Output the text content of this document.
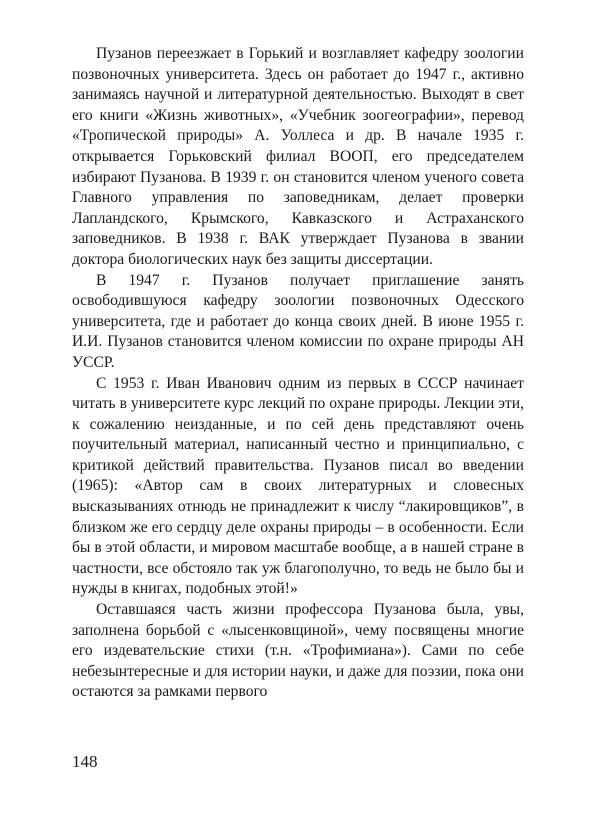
Пузанов переезжает в Горький и возглавляет кафедру зоологии позвоночных университета. Здесь он работает до 1947 г., активно занимаясь научной и литературной деятельностью. Выходят в свет его книги «Жизнь животных», «Учебник зоогеографии», перевод «Тропической природы» А. Уоллеса и др. В начале 1935 г. открывается Горьковский филиал ВООП, его председателем избирают Пузанова. В 1939 г. он становится членом ученого совета Главного управления по заповедникам, делает проверки Лапландского, Крымского, Кавказского и Астраханского заповедников. В 1938 г. ВАК утверждает Пузанова в звании доктора биологических наук без защиты диссертации.

В 1947 г. Пузанов получает приглашение занять освободившуюся кафедру зоологии позвоночных Одесского университета, где и работает до конца своих дней. В июне 1955 г. И.И. Пузанов становится членом комиссии по охране природы АН УССР.

С 1953 г. Иван Иванович одним из первых в СССР начинает читать в университете курс лекций по охране природы. Лекции эти, к сожалению неизданные, и по сей день представляют очень поучительный материал, написанный честно и принципиально, с критикой действий правительства. Пузанов писал во введении (1965): «Автор сам в своих литературных и словесных высказываниях отнюдь не принадлежит к числу “лакировщиков”, в близком же его сердцу деле охраны природы – в особенности. Если бы в этой области, и мировом масштабе вообще, а в нашей стране в частности, все обстояло так уж благополучно, то ведь не было бы и нужды в книгах, подобных этой!»

Оставшаяся часть жизни профессора Пузанова была, увы, заполнена борьбой с «лысенковщиной», чему посвящены многие его издевательские стихи (т.н. «Трофимиана»). Сами по себе небезынтересные и для истории науки, и даже для поэзии, пока они остаются за рамками первого

148
